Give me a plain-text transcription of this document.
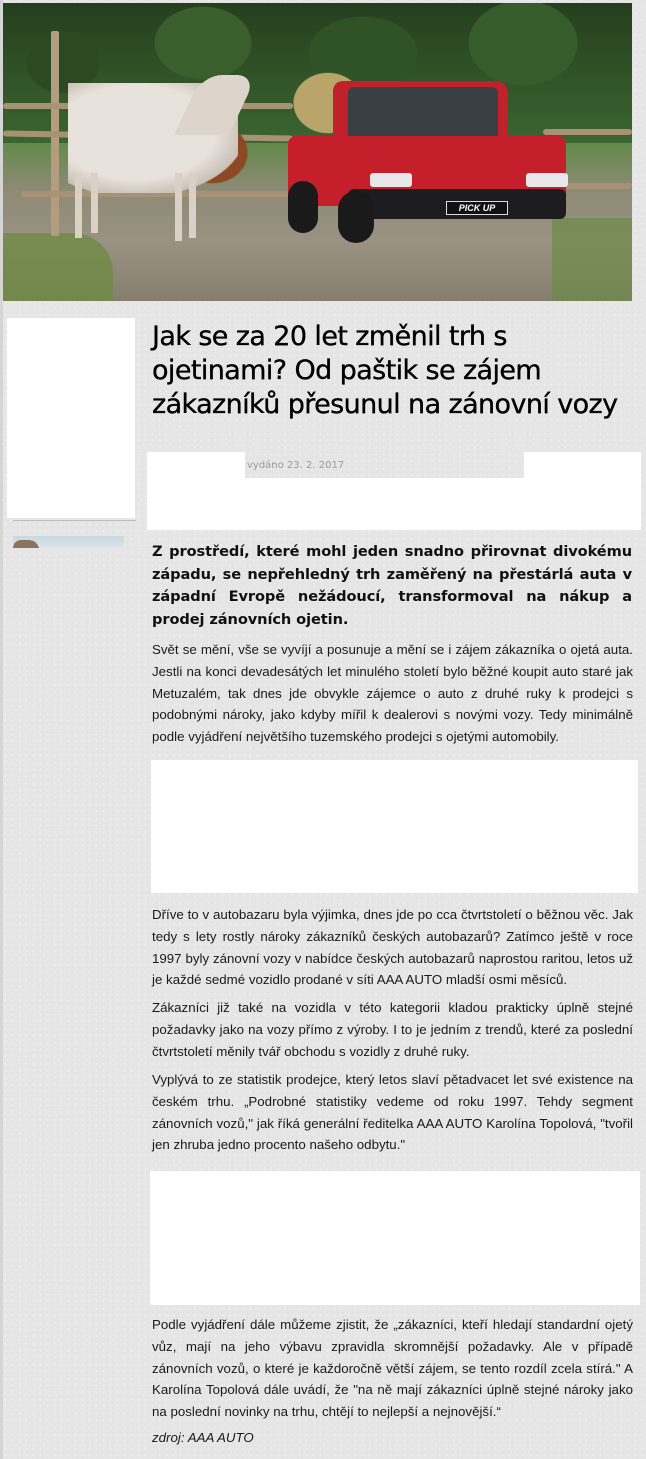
PICK UP
Jak se za 20 let změnil trh s ojetinami? Od paštik se zájem zákazníků přesunul na zánovní vozy
vydáno 23. 2. 2017

Z prostředí, které mohl jeden snadno přirovnat divokému západu, se nepřehledný trh zaměřený na přestárlá auta v západní Evropě nežádoucí, transformoval na nákup a prodej zánovních ojetin.

Svět se mění, vše se vyvíjí a posunuje a mění se i zájem zákazníka o ojetá auta. Jestli na konci devadesátých let minulého století bylo běžné koupit auto staré jak Metuzalém, tak dnes jde obvykle zájemce o auto z druhé ruky k prodejci s podobnými nároky, jako kdyby mířil k dealerovi s novými vozy. Tedy minimálně podle vyjádření největšího tuzemského prodejci s ojetými automobily.

Dříve to v autobazaru byla výjimka, dnes jde po cca čtvrtstoletí o běžnou věc. Jak tedy s lety rostly nároky zákazníků českých autobazarů? Zatímco ještě v roce 1997 byly zánovní vozy v nabídce českých autobazarů naprostou raritou, letos už je každé sedmé vozidlo prodané v síti AAA AUTO mladší osmi měsíců.

Zákazníci již také na vozidla v této kategorii kladou prakticky úplně stejné požadavky jako na vozy přímo z výroby. I to je jedním z trendů, které za poslední čtvrtstoletí měnily tvář obchodu s vozidly z druhé ruky.

Vyplývá to ze statistik prodejce, který letos slaví pětadvacet let své existence na českém trhu. „Podrobné statistiky vedeme od roku 1997. Tehdy segment zánovních vozů," jak říká generální ředitelka AAA AUTO Karolína Topolová, "tvořil jen zhruba jedno procento našeho odbytu."

Podle vyjádření dále můžeme zjistit, že „zákazníci, kteří hledají standardní ojetý vůz, mají na jeho výbavu zpravidla skromnější požadavky. Ale v případě zánovních vozů, o které je každoročně větší zájem, se tento rozdíl zcela stírá." A Karolína Topolová dále uvádí, že "na ně mají zákazníci úplně stejné nároky jako na poslední novinky na trhu, chtějí to nejlepší a nejnovější.“

zdroj: AAA AUTO
